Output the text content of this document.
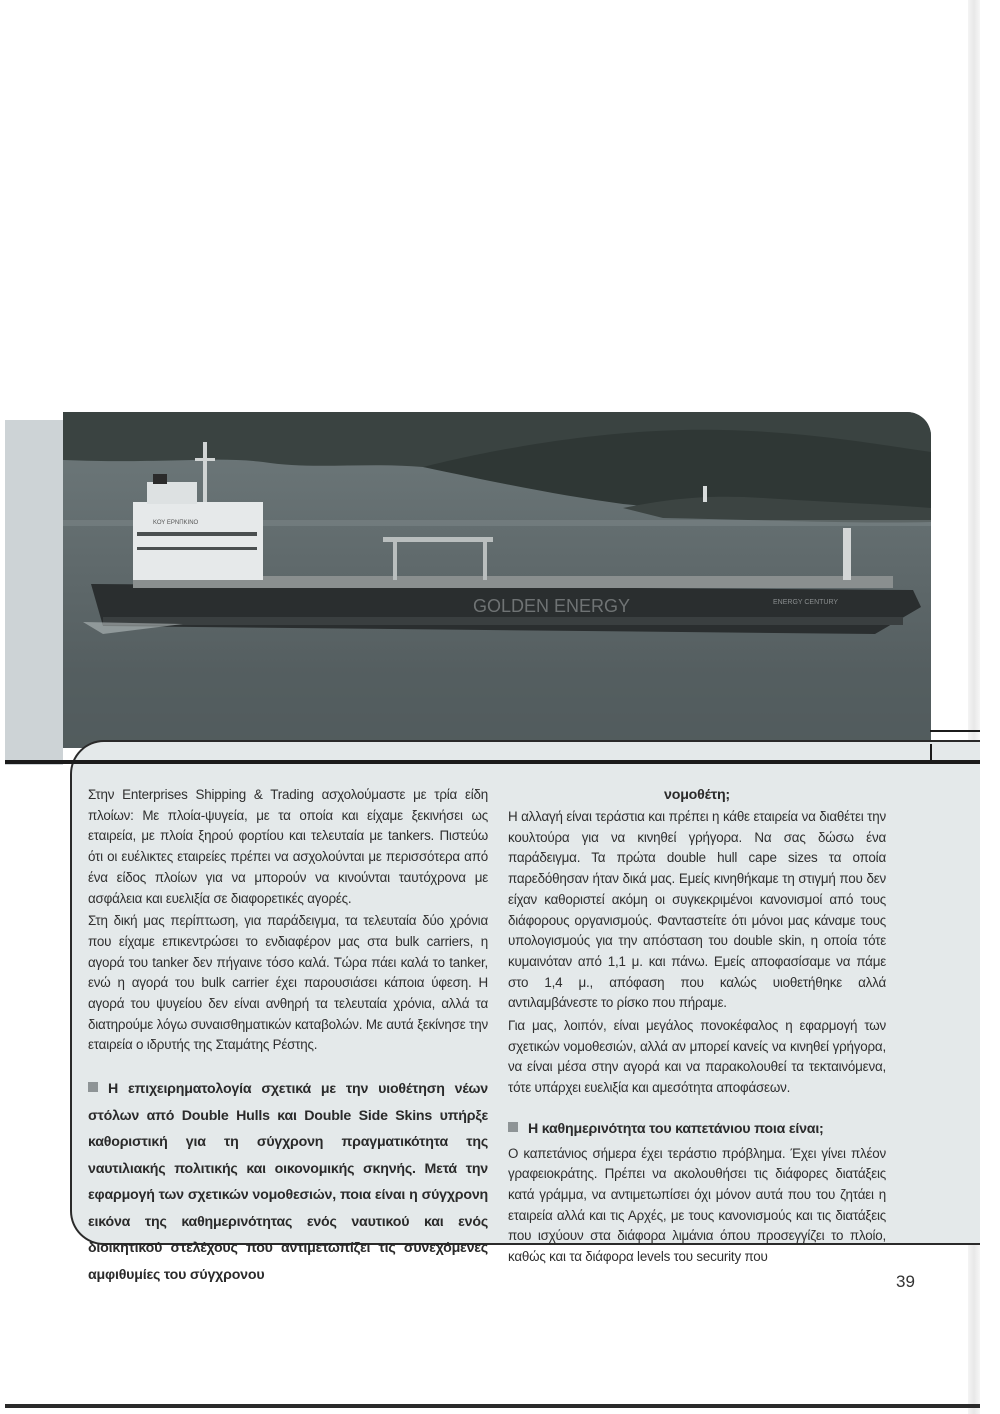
GOLDEN ENERGY	ENERGY CENTURY
ΚΟΥ ΕΡΝΠΚΙΝΟ

Στην Enterprises Shipping & Trading ασχολούμαστε με τρία είδη πλοίων: Με πλοία-ψυγεία, με τα οποία και είχαμε ξεκινήσει ως εταιρεία, με πλοία ξηρού φορτίου και τελευταία με tankers. Πιστεύω ότι οι ευέλικτες εταιρείες πρέπει να ασχολούνται με περισσότερα από ένα είδος πλοίων για να μπορούν να κινούνται ταυτόχρονα με ασφάλεια και ευελιξία σε διαφορετικές αγορές.

Στη δική μας περίπτωση, για παράδειγμα, τα τελευταία δύο χρόνια που είχαμε επικεντρώσει το ενδιαφέρον μας στα bulk carriers, η αγορά του tanker δεν πήγαινε τόσο καλά. Τώρα πάει καλά το tanker, ενώ η αγορά του bulk carrier έχει παρουσιάσει κάποια ύφεση. Η αγορά του ψυγείου δεν είναι ανθηρή τα τελευταία χρόνια, αλλά τα διατηρούμε λόγω συναισθηματικών καταβολών. Με αυτά ξεκίνησε την εταιρεία ο ιδρυτής της Σταμάτης Ρέστης.

Η επιχειρηματολογία σχετικά με την υιοθέτηση νέων στόλων από Double Hulls και Double Side Skins υπήρξε καθοριστική για τη σύγχρονη πραγματικότητα της ναυτιλιακής πολιτικής και οικονομικής σκηνής. Μετά την εφαρμογή των σχετικών νομοθεσιών, ποια είναι η σύγχρονη εικόνα της καθημερινότητας ενός ναυτικού και ενός διοικητικού στελέχους που αντιμετωπίζει τις συνεχόμενες αμφιθυμίες του σύγχρονου

νομοθέτη;

Η αλλαγή είναι τεράστια και πρέπει η κάθε εταιρεία να διαθέτει την κουλτούρα για να κινηθεί γρήγορα. Να σας δώσω ένα παράδειγμα. Τα πρώτα double hull cape sizes τα οποία παρεδόθησαν ήταν δικά μας. Εμείς κινηθήκαμε τη στιγμή που δεν είχαν καθοριστεί ακόμη οι συγκεκριμένοι κανονισμοί από τους διάφορους οργανισμούς. Φανταστείτε ότι μόνοι μας κάναμε τους υπολογισμούς για την απόσταση του double skin, η οποία τότε κυμαινόταν από 1,1 μ. και πάνω. Εμείς αποφασίσαμε να πάμε στο 1,4 μ., απόφαση που καλώς υιοθετήθηκε αλλά αντιλαμβάνεστε το ρίσκο που πήραμε.

Για μας, λοιπόν, είναι μεγάλος πονοκέφαλος η εφαρμογή των σχετικών νομοθεσιών, αλλά αν μπορεί κανείς να κινηθεί γρήγορα, να είναι μέσα στην αγορά και να παρακολουθεί τα τεκταινόμενα, τότε υπάρχει ευελιξία και αμεσότητα αποφάσεων.

Η καθημερινότητα του καπετάνιου ποια είναι;

Ο καπετάνιος σήμερα έχει τεράστιο πρόβλημα. Έχει γίνει πλέον γραφειοκράτης. Πρέπει να ακολουθήσει τις διάφορες διατάξεις κατά γράμμα, να αντιμετωπίσει όχι μόνον αυτά που του ζητάει η εταιρεία αλλά και τις Αρχές, με τους κανονισμούς και τις διατάξεις που ισχύουν στα διάφορα λιμάνια όπου προσεγγίζει το πλοίο, καθώς και τα διάφορα levels του security που

39
